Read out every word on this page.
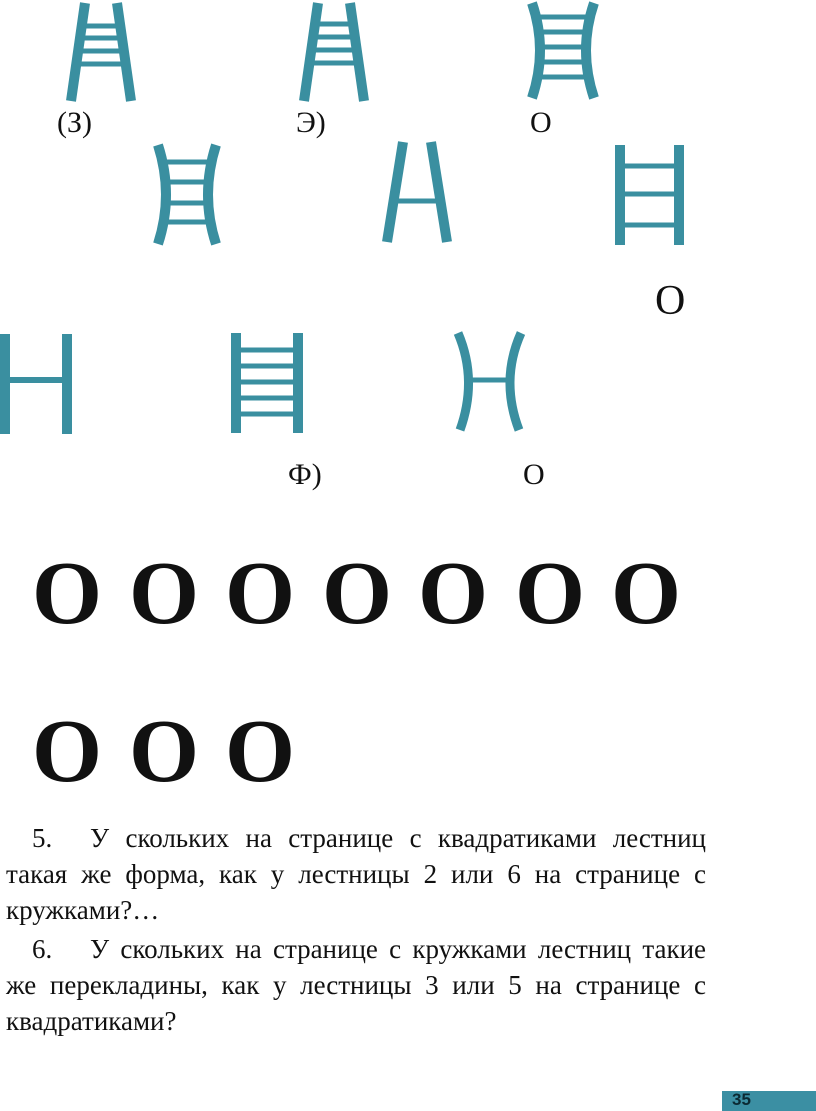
(З)	Э)	О
О
Ф)	О
O O O O O O O
O O O

5. У скольких на странице с квадратиками лестниц такая же форма, как у лестницы 2 или 6 на странице с кружками?…

6. У скольких на странице с кружками лестниц такие же перекладины, как у лестницы 3 или 5 на странице с квадратиками?

35
